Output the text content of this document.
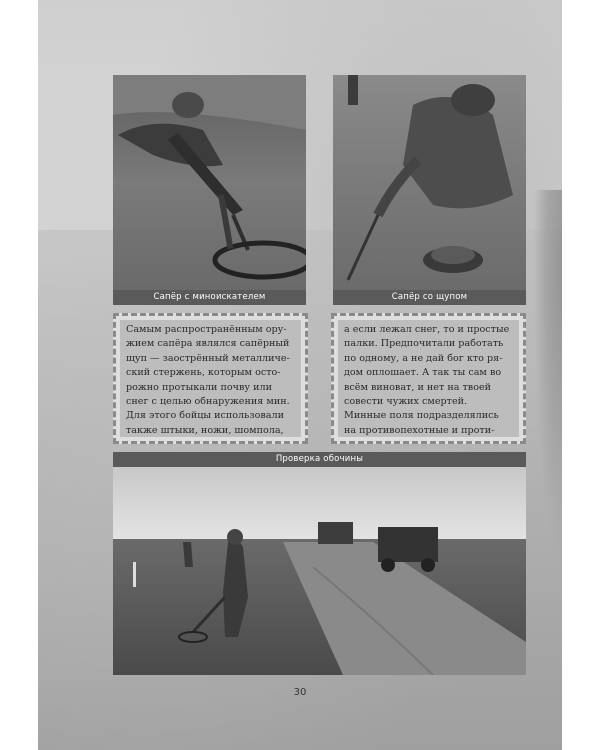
Сапёр с миноискателем	Сапёр со щупом
Самым распространённым ору-
жием сапёра являлся сапёрный
щуп — заострённый металличе-
ский стержень, которым осто-
рожно протыкали почву или
снег с целью обнаружения мин.
Для этого бойцы использовали
также штыки, ножи, шомпола,
а если лежал снег, то и простые
палки. Предпочитали работать
по одному, а не дай бог кто ря-
дом оплошает. А так ты сам во
всём виноват, и нет на твоей
совести чужих смертей.
Минные поля подразделялись
на противопехотные и проти-
Проверка обочины
30
